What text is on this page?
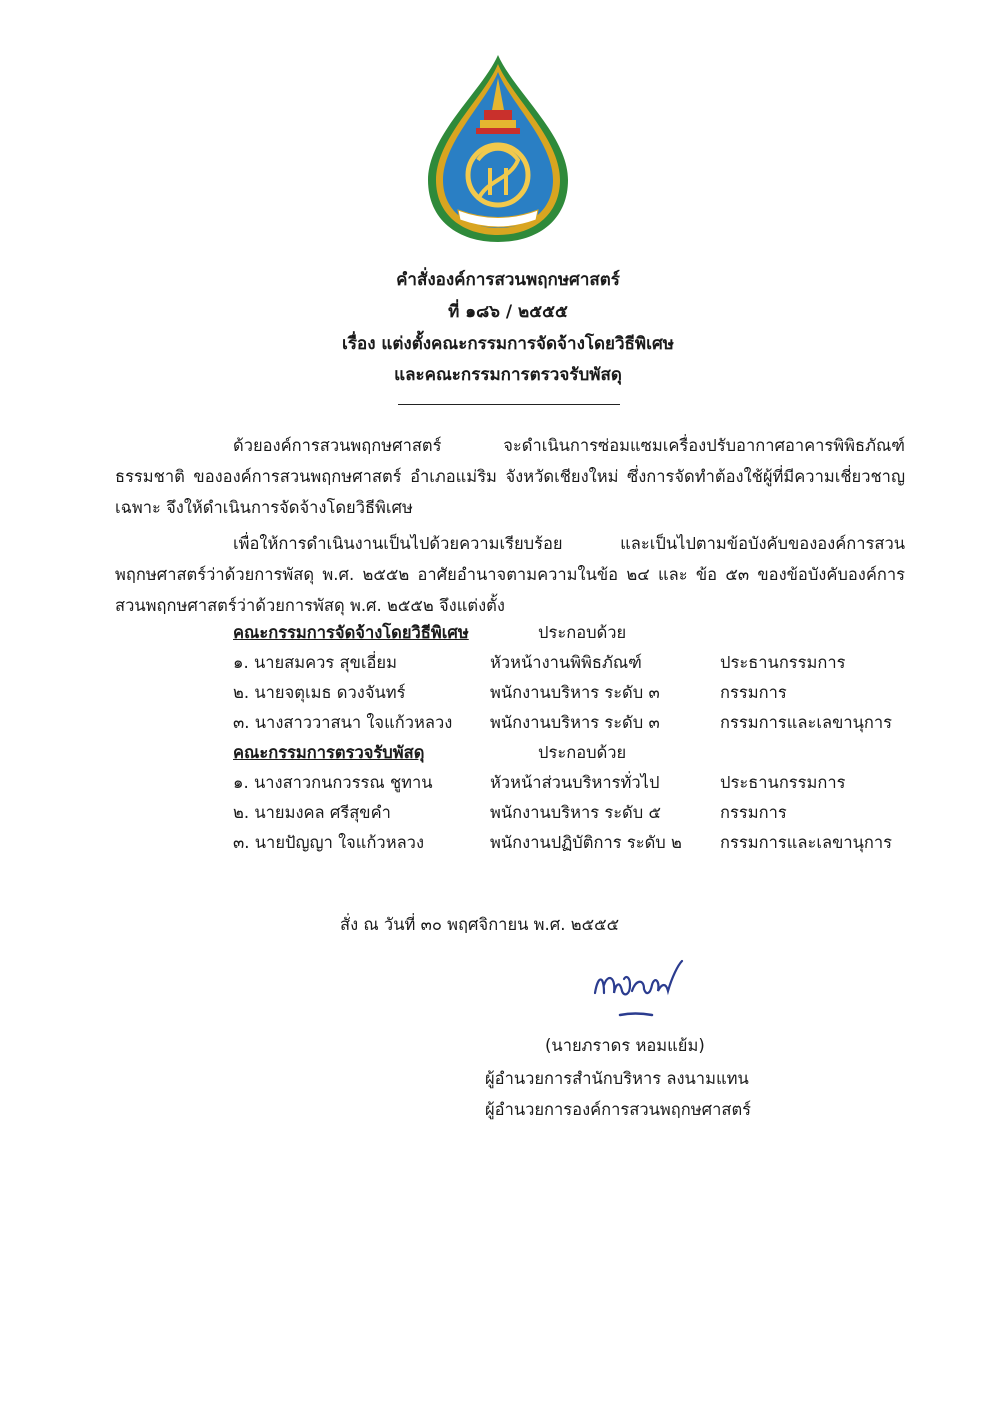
คำสั่งองค์การสวนพฤกษศาสตร์
ที่ ๑๘๖ / ๒๕๕๕
เรื่อง แต่งตั้งคณะกรรมการจัดจ้างโดยวิธีพิเศษ
และคณะกรรมการตรวจรับพัสดุ
ด้วยองค์การสวนพฤกษศาสตร์ จะดำเนินการซ่อมแซมเครื่องปรับอากาศอาคารพิพิธภัณฑ์ธรรมชาติ ขององค์การสวนพฤกษศาสตร์ อำเภอแม่ริม จังหวัดเชียงใหม่ ซึ่งการจัดทำต้องใช้ผู้ที่มีความเชี่ยวชาญเฉพาะ จึงให้ดำเนินการจัดจ้างโดยวิธีพิเศษ
เพื่อให้การดำเนินงานเป็นไปด้วยความเรียบร้อย และเป็นไปตามข้อบังคับขององค์การสวนพฤกษศาสตร์ว่าด้วยการพัสดุ พ.ศ. ๒๕๕๒ อาศัยอำนาจตามความในข้อ ๒๔ และ ข้อ ๕๓ ของข้อบังคับองค์การสวนพฤกษศาสตร์ว่าด้วยการพัสดุ พ.ศ. ๒๕๕๒ จึงแต่งตั้ง
คณะกรรมการจัดจ้างโดยวิธีพิเศษ	ประกอบด้วย
๑. นายสมควร สุขเอี่ยม	หัวหน้างานพิพิธภัณฑ์	ประธานกรรมการ
๒. นายจตุเมธ ดวงจันทร์	พนักงานบริหาร ระดับ ๓	กรรมการ
๓. นางสาววาสนา ใจแก้วหลวง พนักงานบริหาร ระดับ ๓	กรรมการและเลขานุการ
คณะกรรมการตรวจรับพัสดุ	ประกอบด้วย
๑. นางสาวกนกวรรณ ชูทาน	หัวหน้าส่วนบริหารทั่วไป	ประธานกรรมการ
๒. นายมงคล ศรีสุขคำ	พนักงานบริหาร ระดับ ๕	กรรมการ
๓. นายปัญญา ใจแก้วหลวง	พนักงานปฏิบัติการ ระดับ ๒ กรรมการและเลขานุการ
สั่ง ณ วันที่ ๓๐ พฤศจิกายน พ.ศ. ๒๕๕๕
(นายภราดร หอมแย้ม)
ผู้อำนวยการสำนักบริหาร ลงนามแทน
ผู้อำนวยการองค์การสวนพฤกษศาสตร์
